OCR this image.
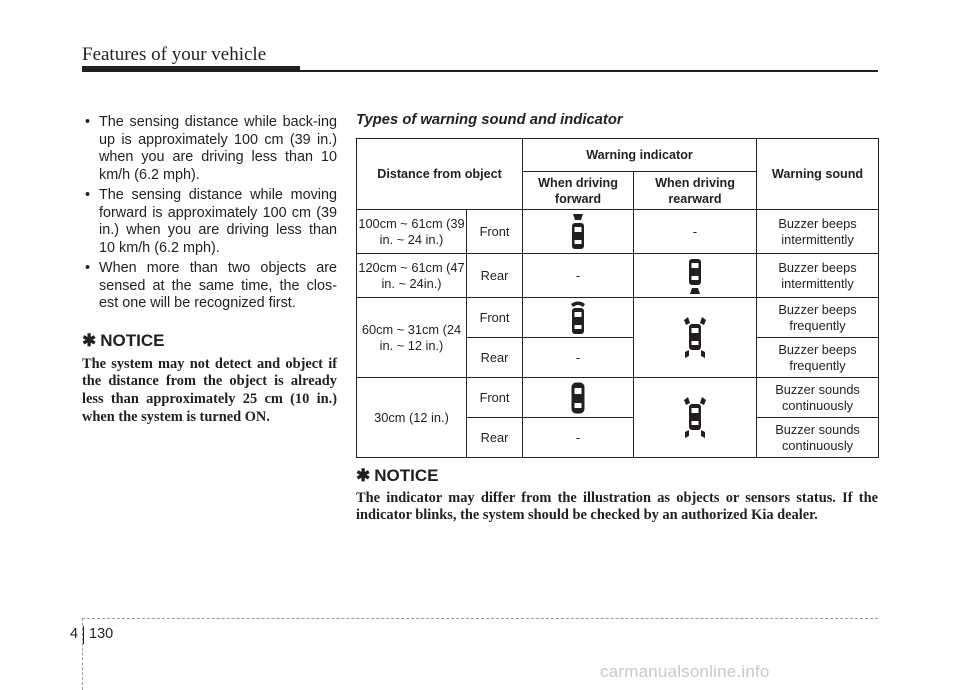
Features of your vehicle
• The sensing distance while back-ing up is approximately 100 cm (39 in.) when you are driving less than 10 km/h (6.2 mph).
• The sensing distance while moving forward is approximately 100 cm (39 in.) when you are driving less than 10 km/h (6.2 mph).
• When more than two objects are sensed at the same time, the clos-est one will be recognized first.
✱ NOTICE
The system may not detect and object if the distance from the object is already less than approximately 25 cm (10 in.) when the system is turned ON.
Types of warning sound and indicator
Distance from object		Warning indicator		Warning sound
		When driving forward	When driving rearward	
100cm ~ 61cm (39 in. ~ 24 in.)	Front		-	Buzzer beeps intermittently
120cm ~ 61cm (47 in. ~ 24in.)	Rear	-		Buzzer beeps intermittently
60cm ~ 31cm (24 in. ~ 12 in.)	Front			Buzzer beeps frequently
	Rear	-		Buzzer beeps frequently
30cm (12 in.)	Front			Buzzer sounds continuously
	Rear	-		Buzzer sounds continuously
✱ NOTICE
The indicator may differ from the illustration as objects or sensors status. If the indicator blinks, the system should be checked by an authorized Kia dealer.
4 130
carmanualsonline.info
